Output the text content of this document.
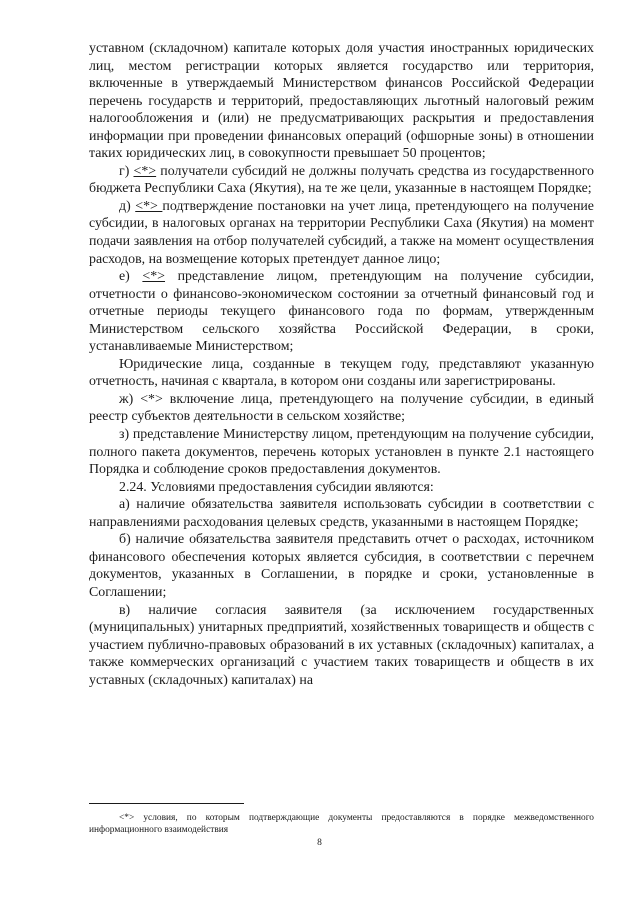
уставном (складочном) капитале которых доля участия иностранных юридических лиц, местом регистрации которых является государство или территория, включенные в утверждаемый Министерством финансов Российской Федерации перечень государств и территорий, предоставляющих льготный налоговый режим налогообложения и (или) не предусматривающих раскрытия и предоставления информации при проведении финансовых операций (офшорные зоны) в отношении таких юридических лиц, в совокупности превышает 50 процентов;

г) <*> получатели субсидий не должны получать средства из государственного бюджета Республики Саха (Якутия), на те же цели, указанные в настоящем Порядке;

д) <*> подтверждение постановки на учет лица, претендующего на получение субсидии, в налоговых органах на территории Республики Саха (Якутия) на момент подачи заявления на отбор получателей субсидий, а также на момент осуществления расходов, на возмещение которых претендует данное лицо;

е) <*> представление лицом, претендующим на получение субсидии, отчетности о финансово-экономическом состоянии за отчетный финансовый год и отчетные периоды текущего финансового года по формам, утвержденным Министерством сельского хозяйства Российской Федерации, в сроки, устанавливаемые Министерством;

Юридические лица, созданные в текущем году, представляют указанную отчетность, начиная с квартала, в котором они созданы или зарегистрированы.

ж) <*> включение лица, претендующего на получение субсидии, в единый реестр субъектов деятельности в сельском хозяйстве;

з) представление Министерству лицом, претендующим на получение субсидии, полного пакета документов, перечень которых установлен в пункте 2.1 настоящего Порядка и соблюдение сроков предоставления документов.

2.24. Условиями предоставления субсидии являются:

а) наличие обязательства заявителя использовать субсидии в соответствии с направлениями расходования целевых средств, указанными в настоящем Порядке;

б) наличие обязательства заявителя представить отчет о расходах, источником финансового обеспечения которых является субсидия, в соответствии с перечнем документов, указанных в Соглашении, в порядке и сроки, установленные в Соглашении;

в) наличие согласия заявителя (за исключением государственных (муниципальных) унитарных предприятий, хозяйственных товариществ и обществ с участием публично-правовых образований в их уставных (складочных) капиталах, а также коммерческих организаций с участием таких товариществ и обществ в их уставных (складочных) капиталах) на

<*> условия, по которым подтверждающие документы предоставляются в порядке межведомственного информационного взаимодействия
8
